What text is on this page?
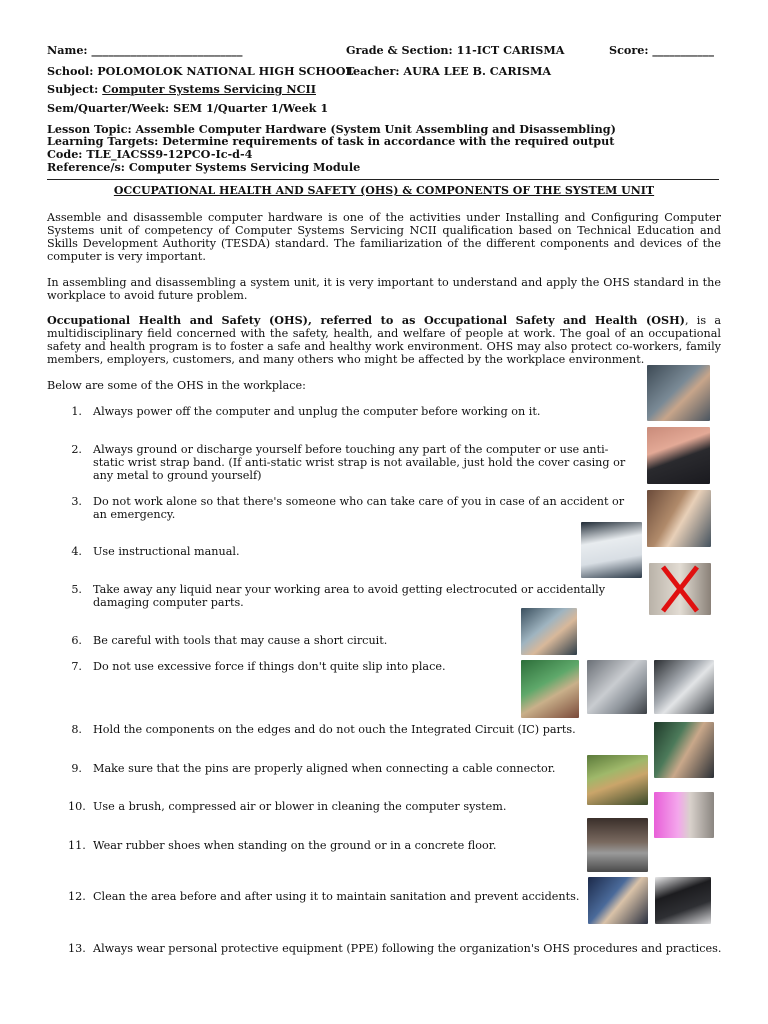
Name: ___________________________	Grade & Section: 11-ICT CARISMA	Score: ___________
School: POLOMOLOK NATIONAL HIGH SCHOOL
Teacher: AURA LEE B. CARISMA
Subject: Computer Systems Servicing NCII
Sem/Quarter/Week: SEM 1/Quarter 1/Week 1
Lesson Topic: Assemble Computer Hardware (System Unit Assembling and Disassembling)
Learning Targets: Determine requirements of task in accordance with the required output
Code: TLE_IACSS9-12PCO-Ic-d-4
Reference/s: Computer Systems Servicing Module
OCCUPATIONAL HEALTH AND SAFETY (OHS) & COMPONENTS OF THE SYSTEM UNIT
Assemble and disassemble computer hardware is one of the activities under Installing and Configuring Computer Systems unit of competency of Computer Systems Servicing NCII qualification based on Technical Education and Skills Development Authority (TESDA) standard. The familiarization of the different components and devices of the computer is very important.
In assembling and disassembling a system unit, it is very important to understand and apply the OHS standard in the workplace to avoid future problem.
Occupational Health and Safety (OHS), referred to as Occupational Safety and Health (OSH), is a multidisciplinary field concerned with the safety, health, and welfare of people at work. The goal of an occupational safety and health program is to foster a safe and healthy work environment. OHS may also protect co-workers, family members, employers, customers, and many others who might be affected by the workplace environment.
Below are some of the OHS in the workplace:
1. Always power off the computer and unplug the computer before working on it.
2. Always ground or discharge yourself before touching any part of the computer or use anti-static wrist strap band. (If anti-static wrist strap is not available, just hold the cover casing or any metal to ground yourself)
3. Do not work alone so that there's someone who can take care of you in case of an accident or an emergency.
4. Use instructional manual.
5. Take away any liquid near your working area to avoid getting electrocuted or accidentally damaging computer parts.
6. Be careful with tools that may cause a short circuit.
7. Do not use excessive force if things don't quite slip into place.
8. Hold the components on the edges and do not ouch the Integrated Circuit (IC) parts.
9. Make sure that the pins are properly aligned when connecting a cable connector.
10. Use a brush, compressed air or blower in cleaning the computer system.
11. Wear rubber shoes when standing on the ground or in a concrete floor.
12. Clean the area before and after using it to maintain sanitation and prevent accidents.
13. Always wear personal protective equipment (PPE) following the organization's OHS procedures and practices.
